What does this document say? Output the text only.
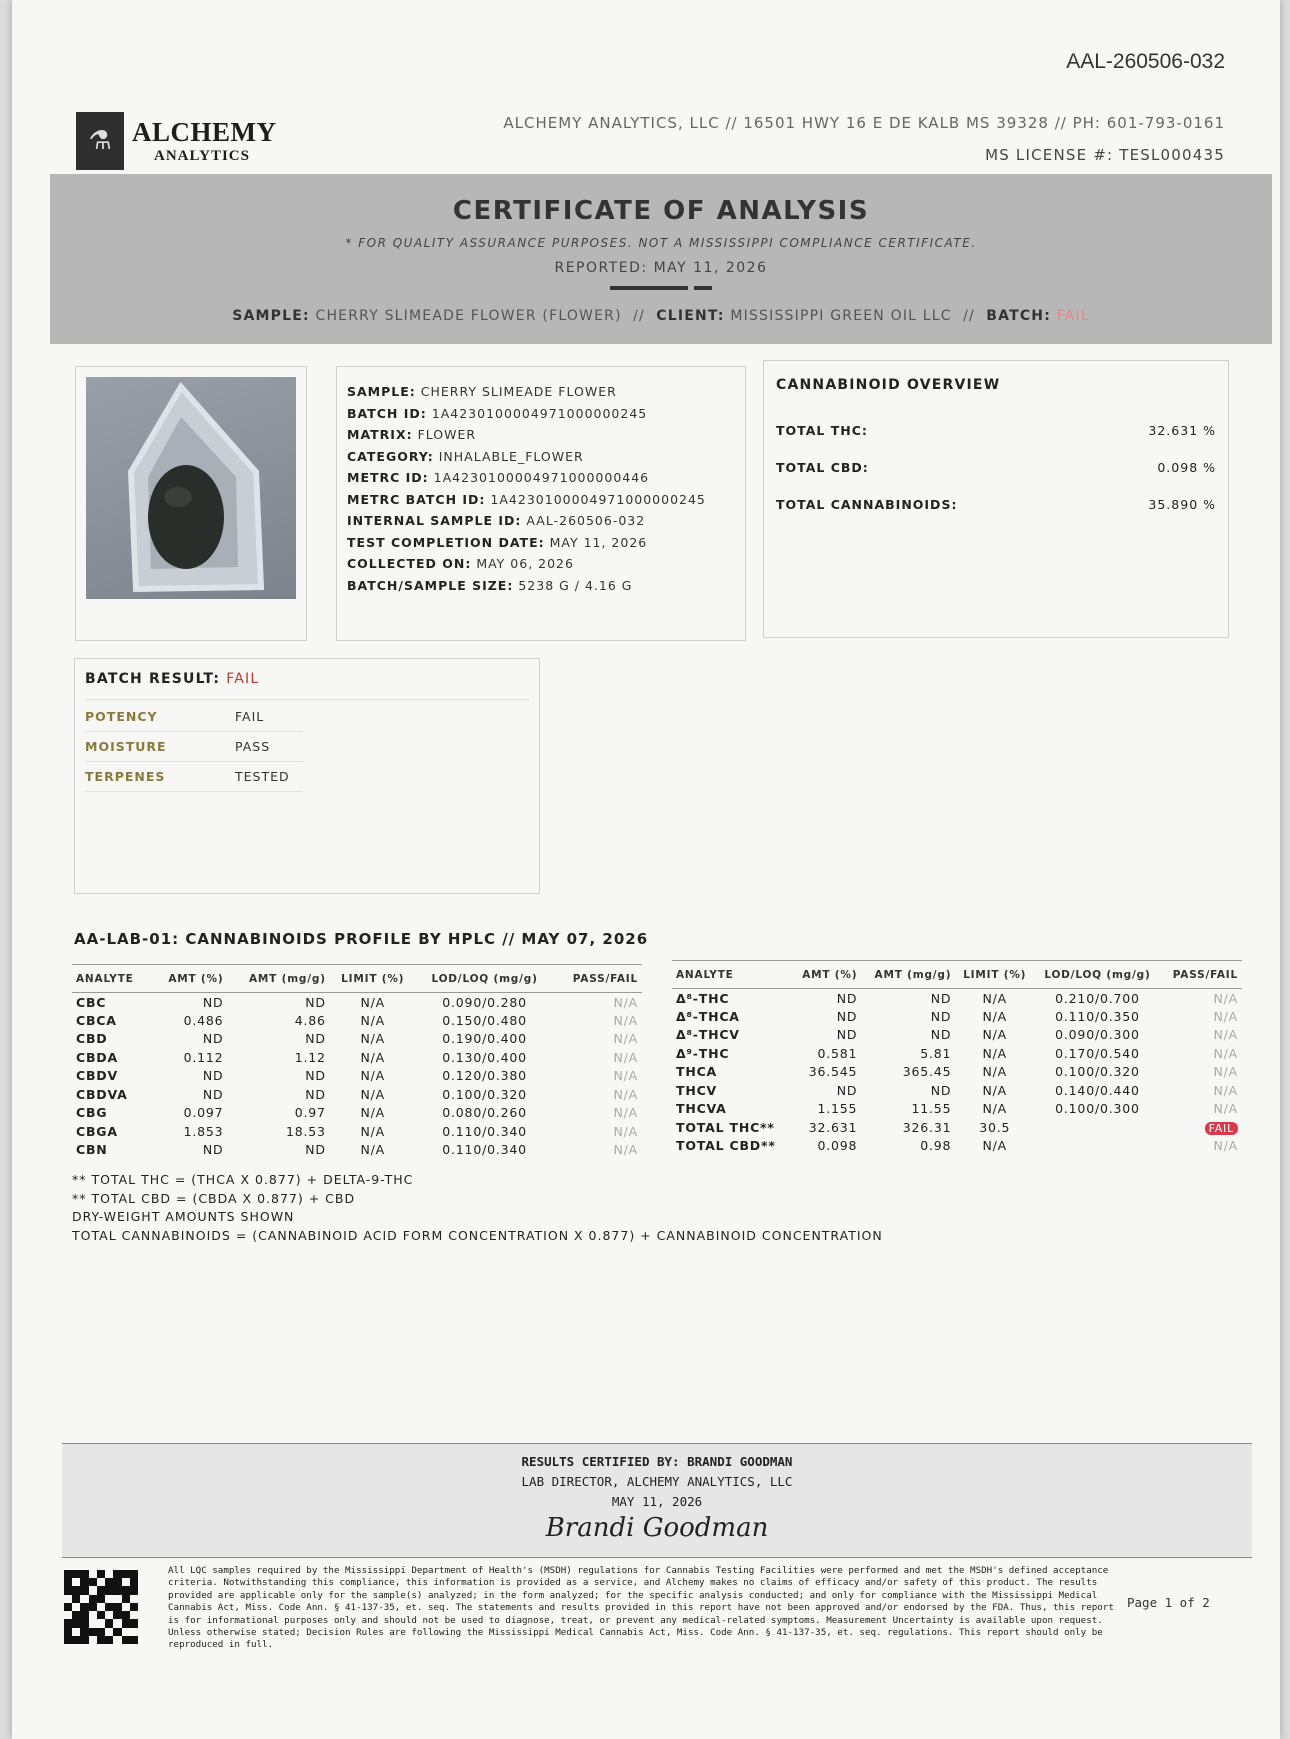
AAL-260506-032
⚗ ALCHEMY
ANALYTICS
ALCHEMY ANALYTICS, LLC // 16501 HWY 16 E DE KALB MS 39328 // PH: 601-793-0161
MS LICENSE #: TESL000435
CERTIFICATE OF ANALYSIS
* FOR QUALITY ASSURANCE PURPOSES. NOT A MISSISSIPPI COMPLIANCE CERTIFICATE.
REPORTED: MAY 11, 2026
SAMPLE: CHERRY SLIMEADE FLOWER (FLOWER) // CLIENT: MISSISSIPPI GREEN OIL LLC // BATCH: FAIL
SAMPLE: CHERRY SLIMEADE FLOWER
BATCH ID: 1A4230100004971000000245
MATRIX: FLOWER
CATEGORY: INHALABLE_FLOWER
METRC ID: 1A4230100004971000000446
METRC BATCH ID: 1A4230100004971000000245
INTERNAL SAMPLE ID: AAL-260506-032
TEST COMPLETION DATE: MAY 11, 2026
COLLECTED ON: MAY 06, 2026
BATCH/SAMPLE SIZE: 5238 G / 4.16 G
CANNABINOID OVERVIEW
TOTAL THC:	32.631 %
TOTAL CBD:	0.098 %
TOTAL CANNABINOIDS:	35.890 %
BATCH RESULT: FAIL
POTENCY	FAIL
MOISTURE	PASS
TERPENES	TESTED
AA-LAB-01: CANNABINOIDS PROFILE BY HPLC // MAY 07, 2026
ANALYTE	AMT (%)	AMT (mg/g)	LIMIT (%)	LOD/LOQ (mg/g)	PASS/FAIL
CBC	ND	ND	N/A	0.090/0.280	N/A
CBCA	0.486	4.86	N/A	0.150/0.480	N/A
CBD	ND	ND	N/A	0.190/0.400	N/A
CBDA	0.112	1.12	N/A	0.130/0.400	N/A
CBDV	ND	ND	N/A	0.120/0.380	N/A
CBDVA	ND	ND	N/A	0.100/0.320	N/A
CBG	0.097	0.97	N/A	0.080/0.260	N/A
CBGA	1.853	18.53	N/A	0.110/0.340	N/A
CBN	ND	ND	N/A	0.110/0.340	N/A
ANALYTE	AMT (%)	AMT (mg/g)	LIMIT (%)	LOD/LOQ (mg/g)	PASS/FAIL
Δ⁸-THC	ND	ND	N/A	0.210/0.700	N/A
Δ⁸-THCA	ND	ND	N/A	0.110/0.350	N/A
Δ⁸-THCV	ND	ND	N/A	0.090/0.300	N/A
Δ⁹-THC	0.581	5.81	N/A	0.170/0.540	N/A
THCA	36.545	365.45	N/A	0.100/0.320	N/A
THCV	ND	ND	N/A	0.140/0.440	N/A
THCVA	1.155	11.55	N/A	0.100/0.300	N/A
TOTAL THC**	32.631	326.31	30.5		FAIL
TOTAL CBD**	0.098	0.98	N/A		N/A
** TOTAL THC = (THCA X 0.877) + DELTA-9-THC
** TOTAL CBD = (CBDA X 0.877) + CBD
DRY-WEIGHT AMOUNTS SHOWN
TOTAL CANNABINOIDS = (CANNABINOID ACID FORM CONCENTRATION X 0.877) + CANNABINOID CONCENTRATION
RESULTS CERTIFIED BY: BRANDI GOODMAN
LAB DIRECTOR, ALCHEMY ANALYTICS, LLC
MAY 11, 2026
Brandi Goodman
All LQC samples required by the Mississippi Department of Health's (MSDH) regulations for Cannabis Testing Facilities were performed and met the MSDH's defined acceptance criteria. Notwithstanding this compliance, this information is provided as a service, and Alchemy makes no claims of efficacy and/or safety of this product. The results provided are applicable only for the sample(s) analyzed; in the form analyzed; for the specific analysis conducted; and only for compliance with the Mississippi Medical Cannabis Act, Miss. Code Ann. § 41-137-35, et. seq. The statements and results provided in this report have not been approved and/or endorsed by the FDA. Thus, this report is for informational purposes only and should not be used to diagnose, treat, or prevent any medical-related symptoms. Measurement Uncertainty is available upon request. Unless otherwise stated; Decision Rules are following the Mississippi Medical Cannabis Act, Miss. Code Ann. § 41-137-35, et. seq. regulations. This report should only be reproduced in full.
Page 1 of 2
